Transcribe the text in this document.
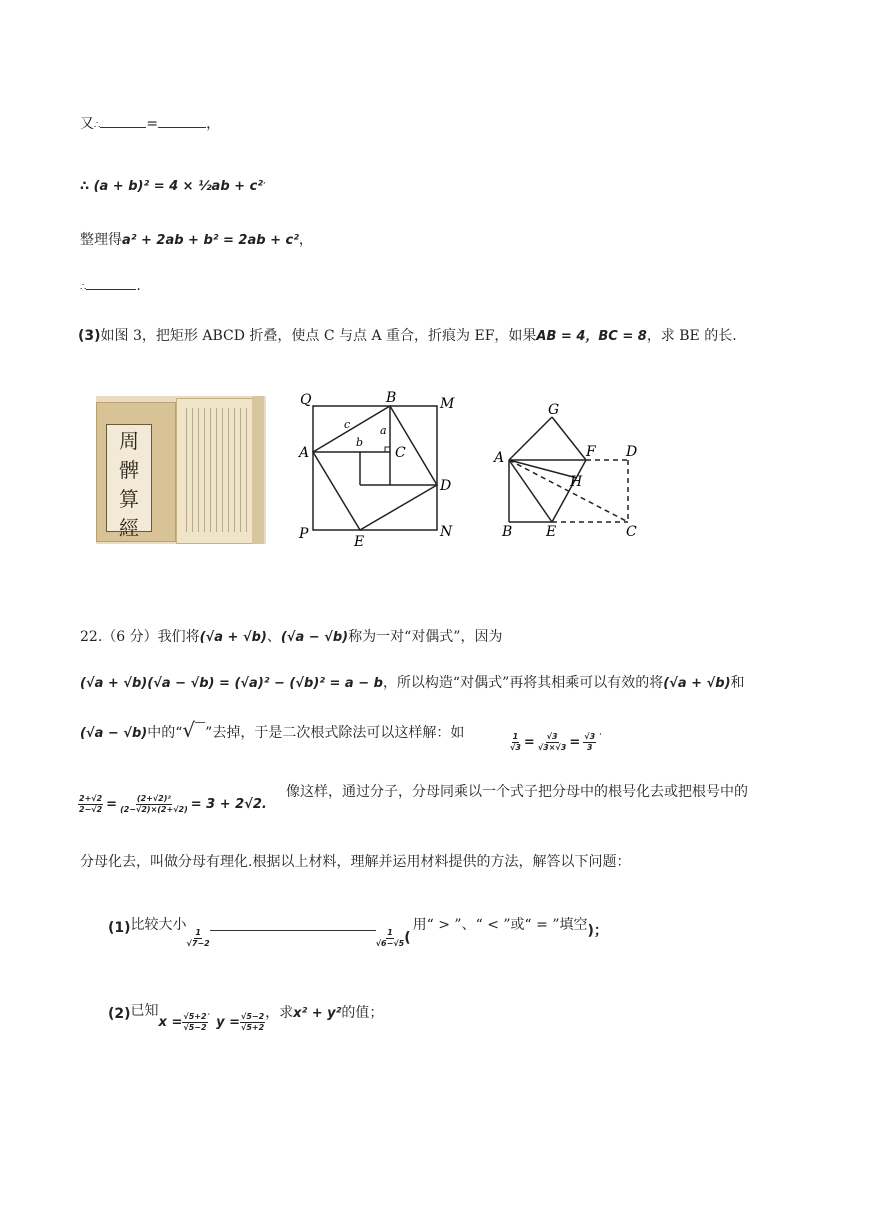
又∴	=	，
∴ (a + b)² = 4 × ½ab + c²’
整理得a² + 2ab + b² = 2ab + c²，
∴	.
(3)如图 3，把矩形 ABCD 折叠，使点 C 与点 A 重合，折痕为 EF，如果AB = 4，BC = 8，求 BE 的长.
周
髀
算
經
Q	B	M
A	C
D
P	E
N
c	a
b
G
A	F D
H
B E	C
22.（6 分）我们将(√a + √b)、(√a − √b)称为一对“对偶式”，因为
(√a + √b)(√a − √b) = (√a)² − (√b)² = a − b，所以构造“对偶式”再将其相乘可以有效的将(√a + √b)和
(√a − √b)中的“√‾”去掉，于是二次根式除法可以这样解：如	$\frac{1}{√3} = \frac{√3}{√3\times√3} = \frac{√3}{3}$ ’
$\frac{2+√2}{2-√2} = \frac{\text{(2+√2)²}}{(2-√2)\times(2+√2)} = 3 + 2√2$.
像这样，通过分子，分母同乘以一个式子把分母中的根号化去或把根号中的
分母化去，叫做分母有理化.根据以上材料，理解并运用材料提供的方法，解答以下问题：
(1) 比较大小
$\frac{1}{√7-2}$	$\frac{1}{√6-√5}$ (
用“ > ”、“ < ”或“ = ”填空 )；
(2) 已知
$x = \frac{√5+2}{√5-2}$ ’ $y = \frac{√5-2}{√5+2}$ ，求 x² + y² 的值；
